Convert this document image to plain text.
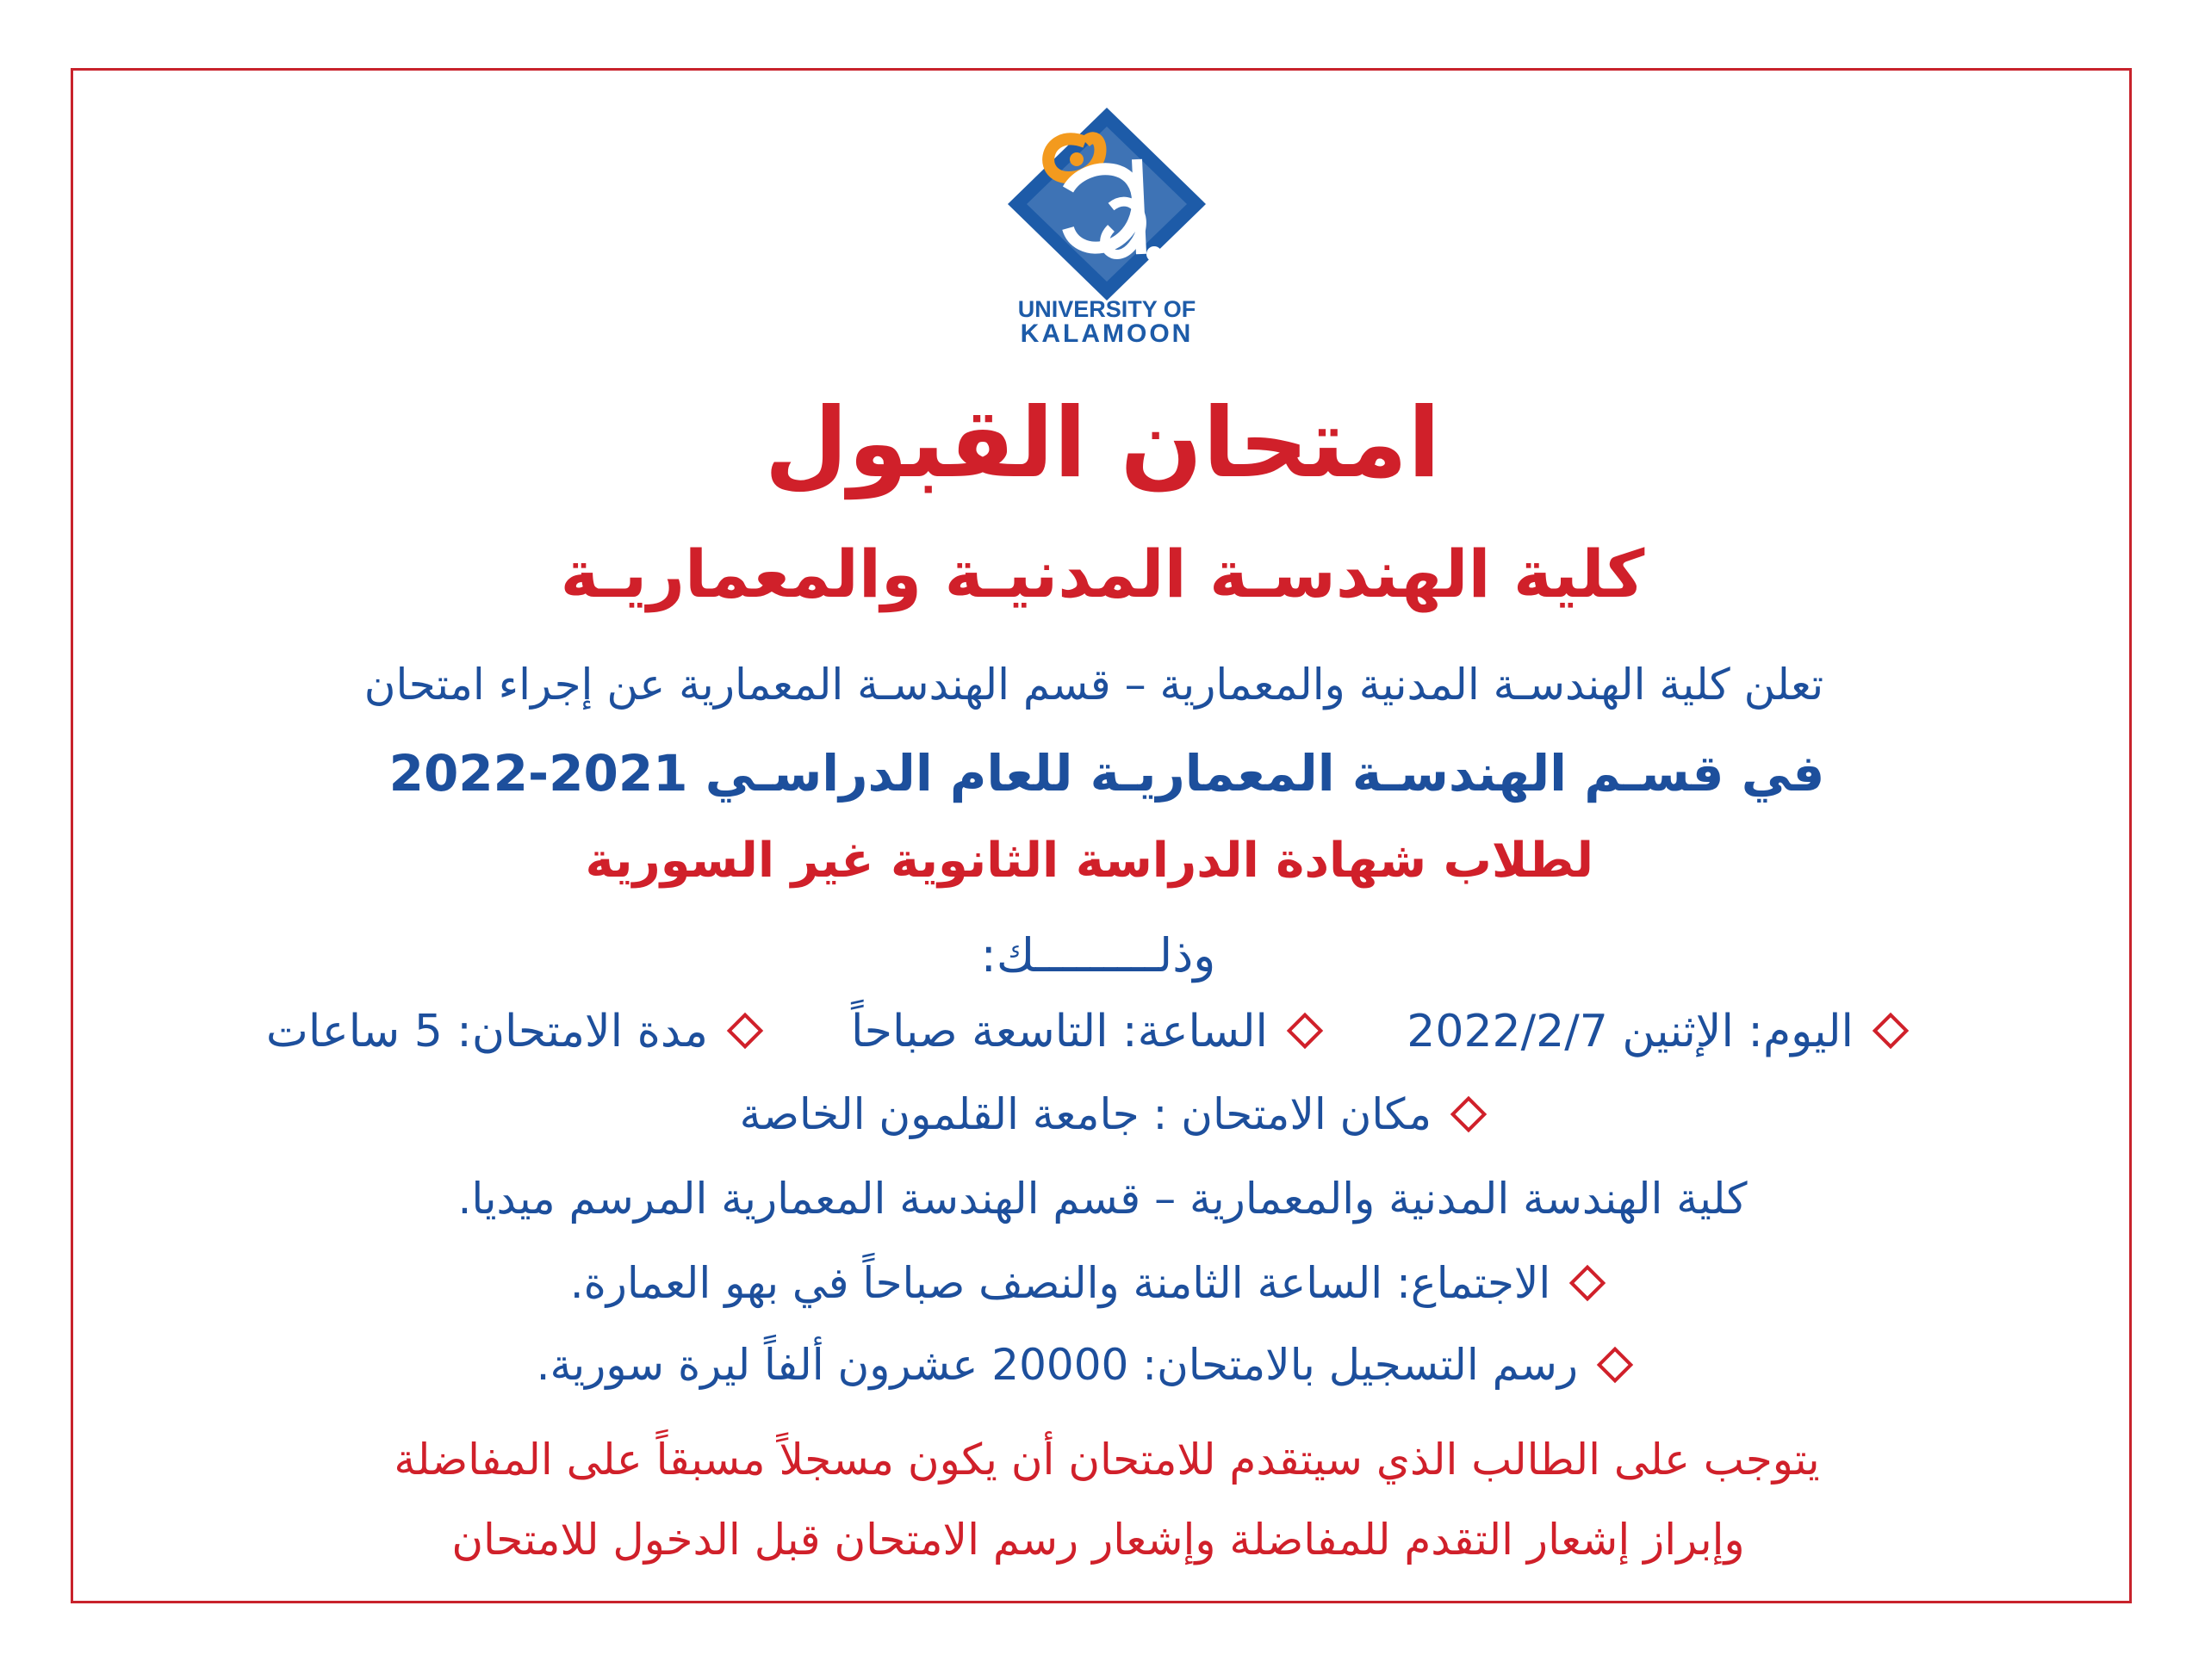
UNIVERSITY OF
KALAMOON
امتحان القبول
كلية الهندسـة المدنيـة والمعماريـة
تعلن كلية الهندسـة المدنية والمعمارية – قسم الهندسـة المعمارية عن إجراء امتحان
في قسـم الهندسـة المعماريـة للعام الدراسـي 2021-2022
لطلاب شهادة الدراسة الثانوية غير السورية
وذلـــــــــك:
اليوم: الإثنين 2022/2/7
الساعة: التاسعة صباحاً
مدة الامتحان: 5 ساعات
مكان الامتحان : جامعة القلمون الخاصة
كلية الهندسة المدنية والمعمارية – قسم الهندسة المعمارية المرسم ميديا.
الاجتماع: الساعة الثامنة والنصف صباحاً في بهو العمارة.
رسم التسجيل بالامتحان: 20000 عشرون ألفاً ليرة سورية.
يتوجب على الطالب الذي سيتقدم للامتحان أن يكون مسجلاً مسبقاً على المفاضلة
وإبراز إشعار التقدم للمفاضلة وإشعار رسم الامتحان قبل الدخول للامتحان
